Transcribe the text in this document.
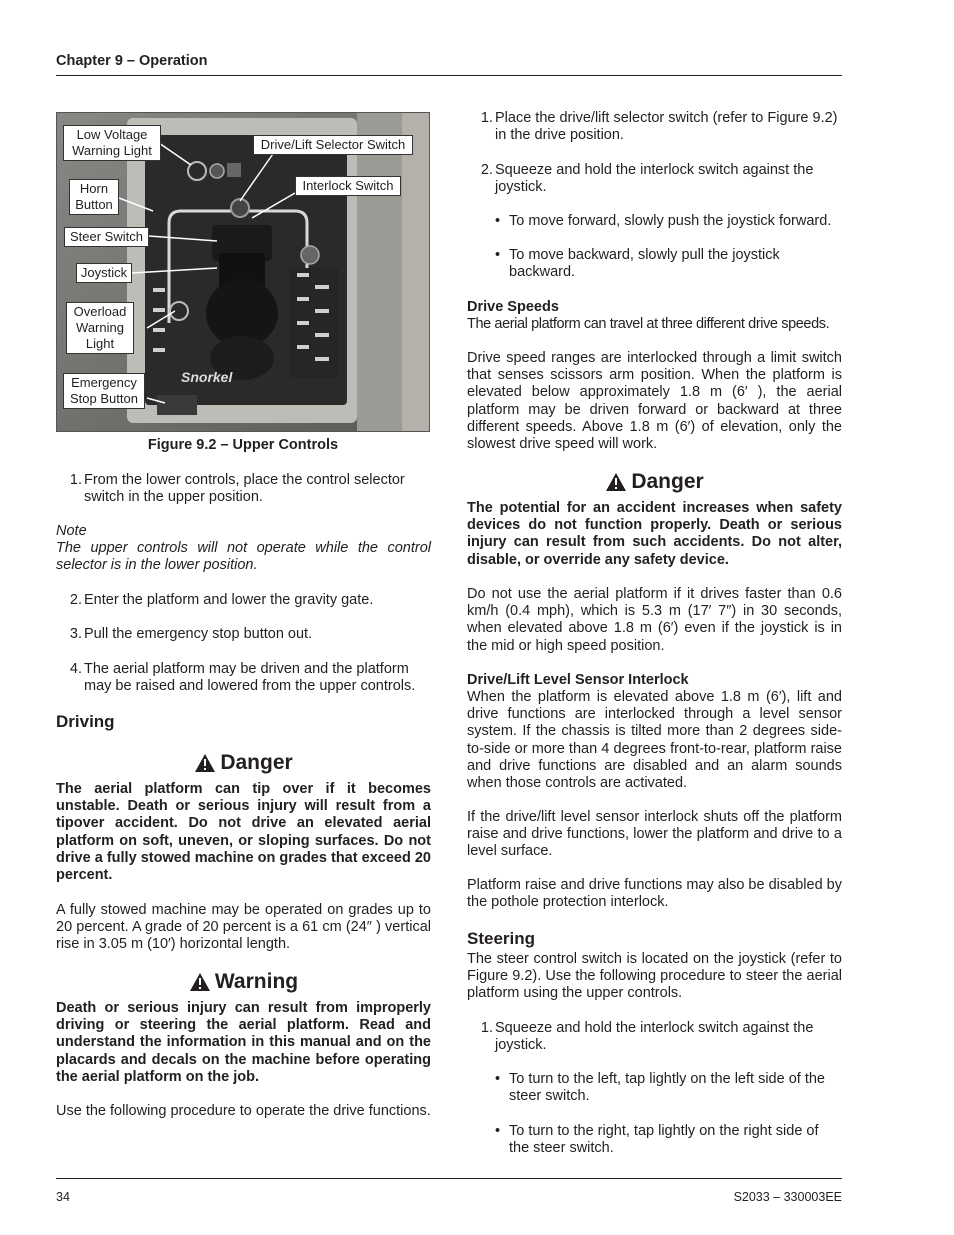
Chapter 9 – Operation
Snorkel
Low Voltage Warning Light
Horn Button
Steer Switch
Joystick
Overload Warning Light
Emergency Stop Button
Drive/Lift Selector Switch
Interlock Switch
Figure 9.2 – Upper Controls
1. From the lower controls, place the control selector switch in the upper position.
Note
The upper controls will not operate while the control selector is in the lower position.
2. Enter the platform and lower the gravity gate.
3. Pull the emergency stop button out.
4. The aerial platform may be driven and the platform may be raised and lowered from the upper controls.
Driving
Danger
The aerial platform can tip over if it becomes unstable. Death or serious injury will result from a tipover accident. Do not drive an elevated aerial platform on soft, uneven, or sloping surfaces. Do not drive a fully stowed machine on grades that exceed 20 percent.
A fully stowed machine may be operated on grades up to 20 percent. A grade of 20 percent is a 61 cm (24″ ) vertical rise in 3.05 m (10′) horizontal length.
Warning
Death or serious injury can result from improperly driving or steering the aerial platform. Read and understand the information in this manual and on the placards and decals on the machine before operating the aerial platform on the job.
Use the following procedure to operate the drive functions.
1. Place the drive/lift selector switch (refer to Figure 9.2) in the drive position.
2. Squeeze and hold the interlock switch against the joystick.
• To move forward, slowly push the joystick forward.
• To move backward, slowly pull the joystick backward.
Drive Speeds
The aerial platform can travel at three different drive speeds.
Drive speed ranges are interlocked through a limit switch that senses scissors arm position. When the platform is elevated below approximately 1.8 m (6′ ), the aerial platform may be driven forward or backward at three different speeds. Above 1.8 m (6′) of elevation, only the slowest drive speed will work.
Danger
The potential for an accident increases when safety devices do not function properly. Death or serious injury can result from such accidents. Do not alter, disable, or override any safety device.
Do not use the aerial platform if it drives faster than 0.6 km/h (0.4 mph), which is 5.3 m (17′ 7″) in 30 seconds, when elevated above 1.8 m (6′) even if the joystick is in the mid or high speed position.
Drive/Lift Level Sensor Interlock
When the platform is elevated above 1.8 m (6′), lift and drive functions are interlocked through a level sensor system. If the chassis is tilted more than 2 degrees side-to-side or more than 4 degrees front-to-rear, platform raise and drive functions are disabled and an alarm sounds when those controls are activated.
If the drive/lift level sensor interlock shuts off the platform raise and drive functions, lower the platform and drive to a level surface.
Platform raise and drive functions may also be disabled by the pothole protection interlock.
Steering
The steer control switch is located on the joystick (refer to Figure 9.2). Use the following procedure to steer the aerial platform using the upper controls.
1. Squeeze and hold the interlock switch against the joystick.
• To turn to the left, tap lightly on the left side of the steer switch.
• To turn to the right, tap lightly on the right side of the steer switch.
34	S2033 – 330003EE
